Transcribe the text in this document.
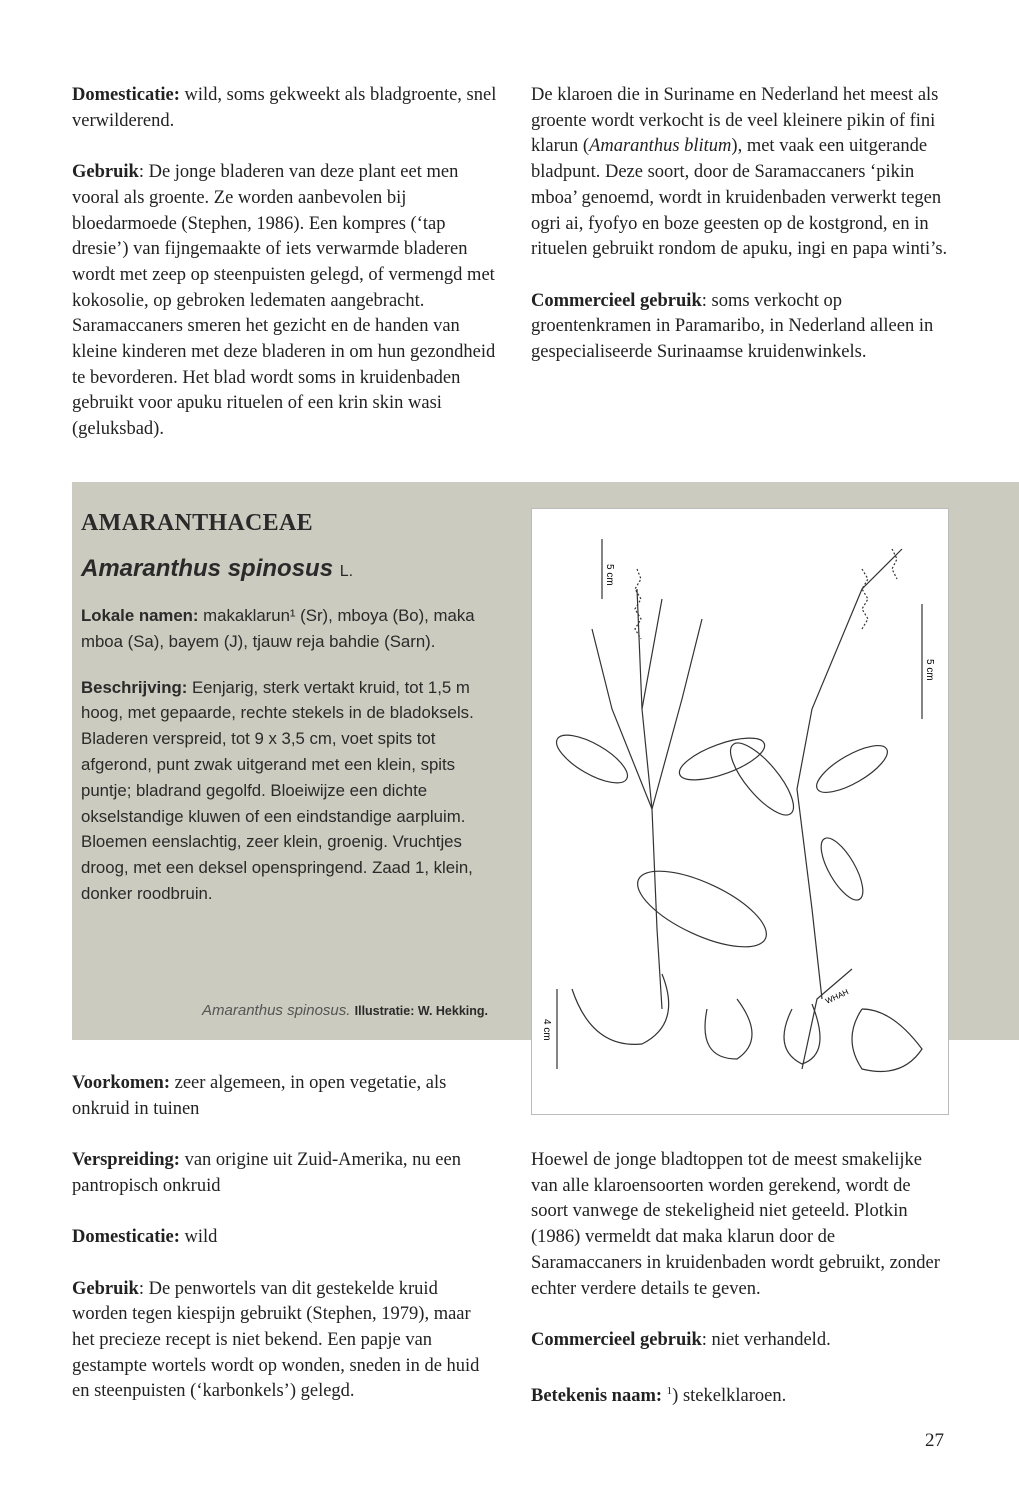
Domesticatie: wild, soms gekweekt als bladgroente, snel verwilderend.

Gebruik: De jonge bladeren van deze plant eet men vooral als groente. Ze worden aanbevolen bij bloedarmoede (Stephen, 1986). Een kompres (‘tap dresie’) van fijngemaakte of iets verwarmde bladeren wordt met zeep op steenpuisten gelegd, of vermengd met kokosolie, op gebroken ledematen aangebracht. Saramaccaners smeren het gezicht en de handen van kleine kinderen met deze bladeren in om hun gezondheid te bevorderen. Het blad wordt soms in kruidenbaden gebruikt voor apuku rituelen of een krin skin wasi (geluksbad).

De klaroen die in Suriname en Nederland het meest als groente wordt verkocht is de veel kleinere pikin of fini klarun (Amaranthus blitum), met vaak een uitgerande bladpunt. Deze soort, door de Saramaccaners ‘pikin mboa’ genoemd, wordt in kruidenbaden verwerkt tegen ogri ai, fyofyo en boze geesten op de kostgrond, en in rituelen gebruikt rondom de apuku, ingi en papa winti’s.

Commercieel gebruik: soms verkocht op groentenkramen in Paramaribo, in Nederland alleen in gespecialiseerde Surinaamse kruidenwinkels.

AMARANTHACEAE
Amaranthus spinosus L.

Lokale namen: makaklarun¹ (Sr), mboya (Bo), maka mboa (Sa), bayem (J), tjauw reja bahdie (Sarn).

Beschrijving: Eenjarig, sterk vertakt kruid, tot 1,5 m hoog, met gepaarde, rechte stekels in de bladoksels. Bladeren verspreid, tot 9 x 3,5 cm, voet spits tot afgerond, punt zwak uitgerand met een klein, spits puntje; bladrand gegolfd. Bloeiwijze een dichte okselstandige kluwen of een eindstandige aarpluim. Bloemen eenslachtig, zeer klein, groenig. Vruchtjes droog, met een deksel openspringend. Zaad 1, klein, donker roodbruin.

Amaranthus spinosus. Illustratie: W. Hekking.
5 cm
5 cm
4 cm
WHAH

Voorkomen: zeer algemeen, in open vegetatie, als onkruid in tuinen

Verspreiding: van origine uit Zuid-Amerika, nu een pantropisch onkruid

Domesticatie: wild

Gebruik: De penwortels van dit gestekelde kruid worden tegen kiespijn gebruikt (Stephen, 1979), maar het precieze recept is niet bekend. Een papje van gestampte wortels wordt op wonden, sneden in de huid en steenpuisten (‘karbonkels’) gelegd.

Hoewel de jonge bladtoppen tot de meest smakelijke van alle klaroensoorten worden gerekend, wordt de soort vanwege de stekeligheid niet geteeld. Plotkin (1986) vermeldt dat maka klarun door de Saramaccaners in kruidenbaden wordt gebruikt, zonder echter verdere details te geven.

Commercieel gebruik: niet verhandeld.

Betekenis naam: $^1$) stekelklaroen.

27
